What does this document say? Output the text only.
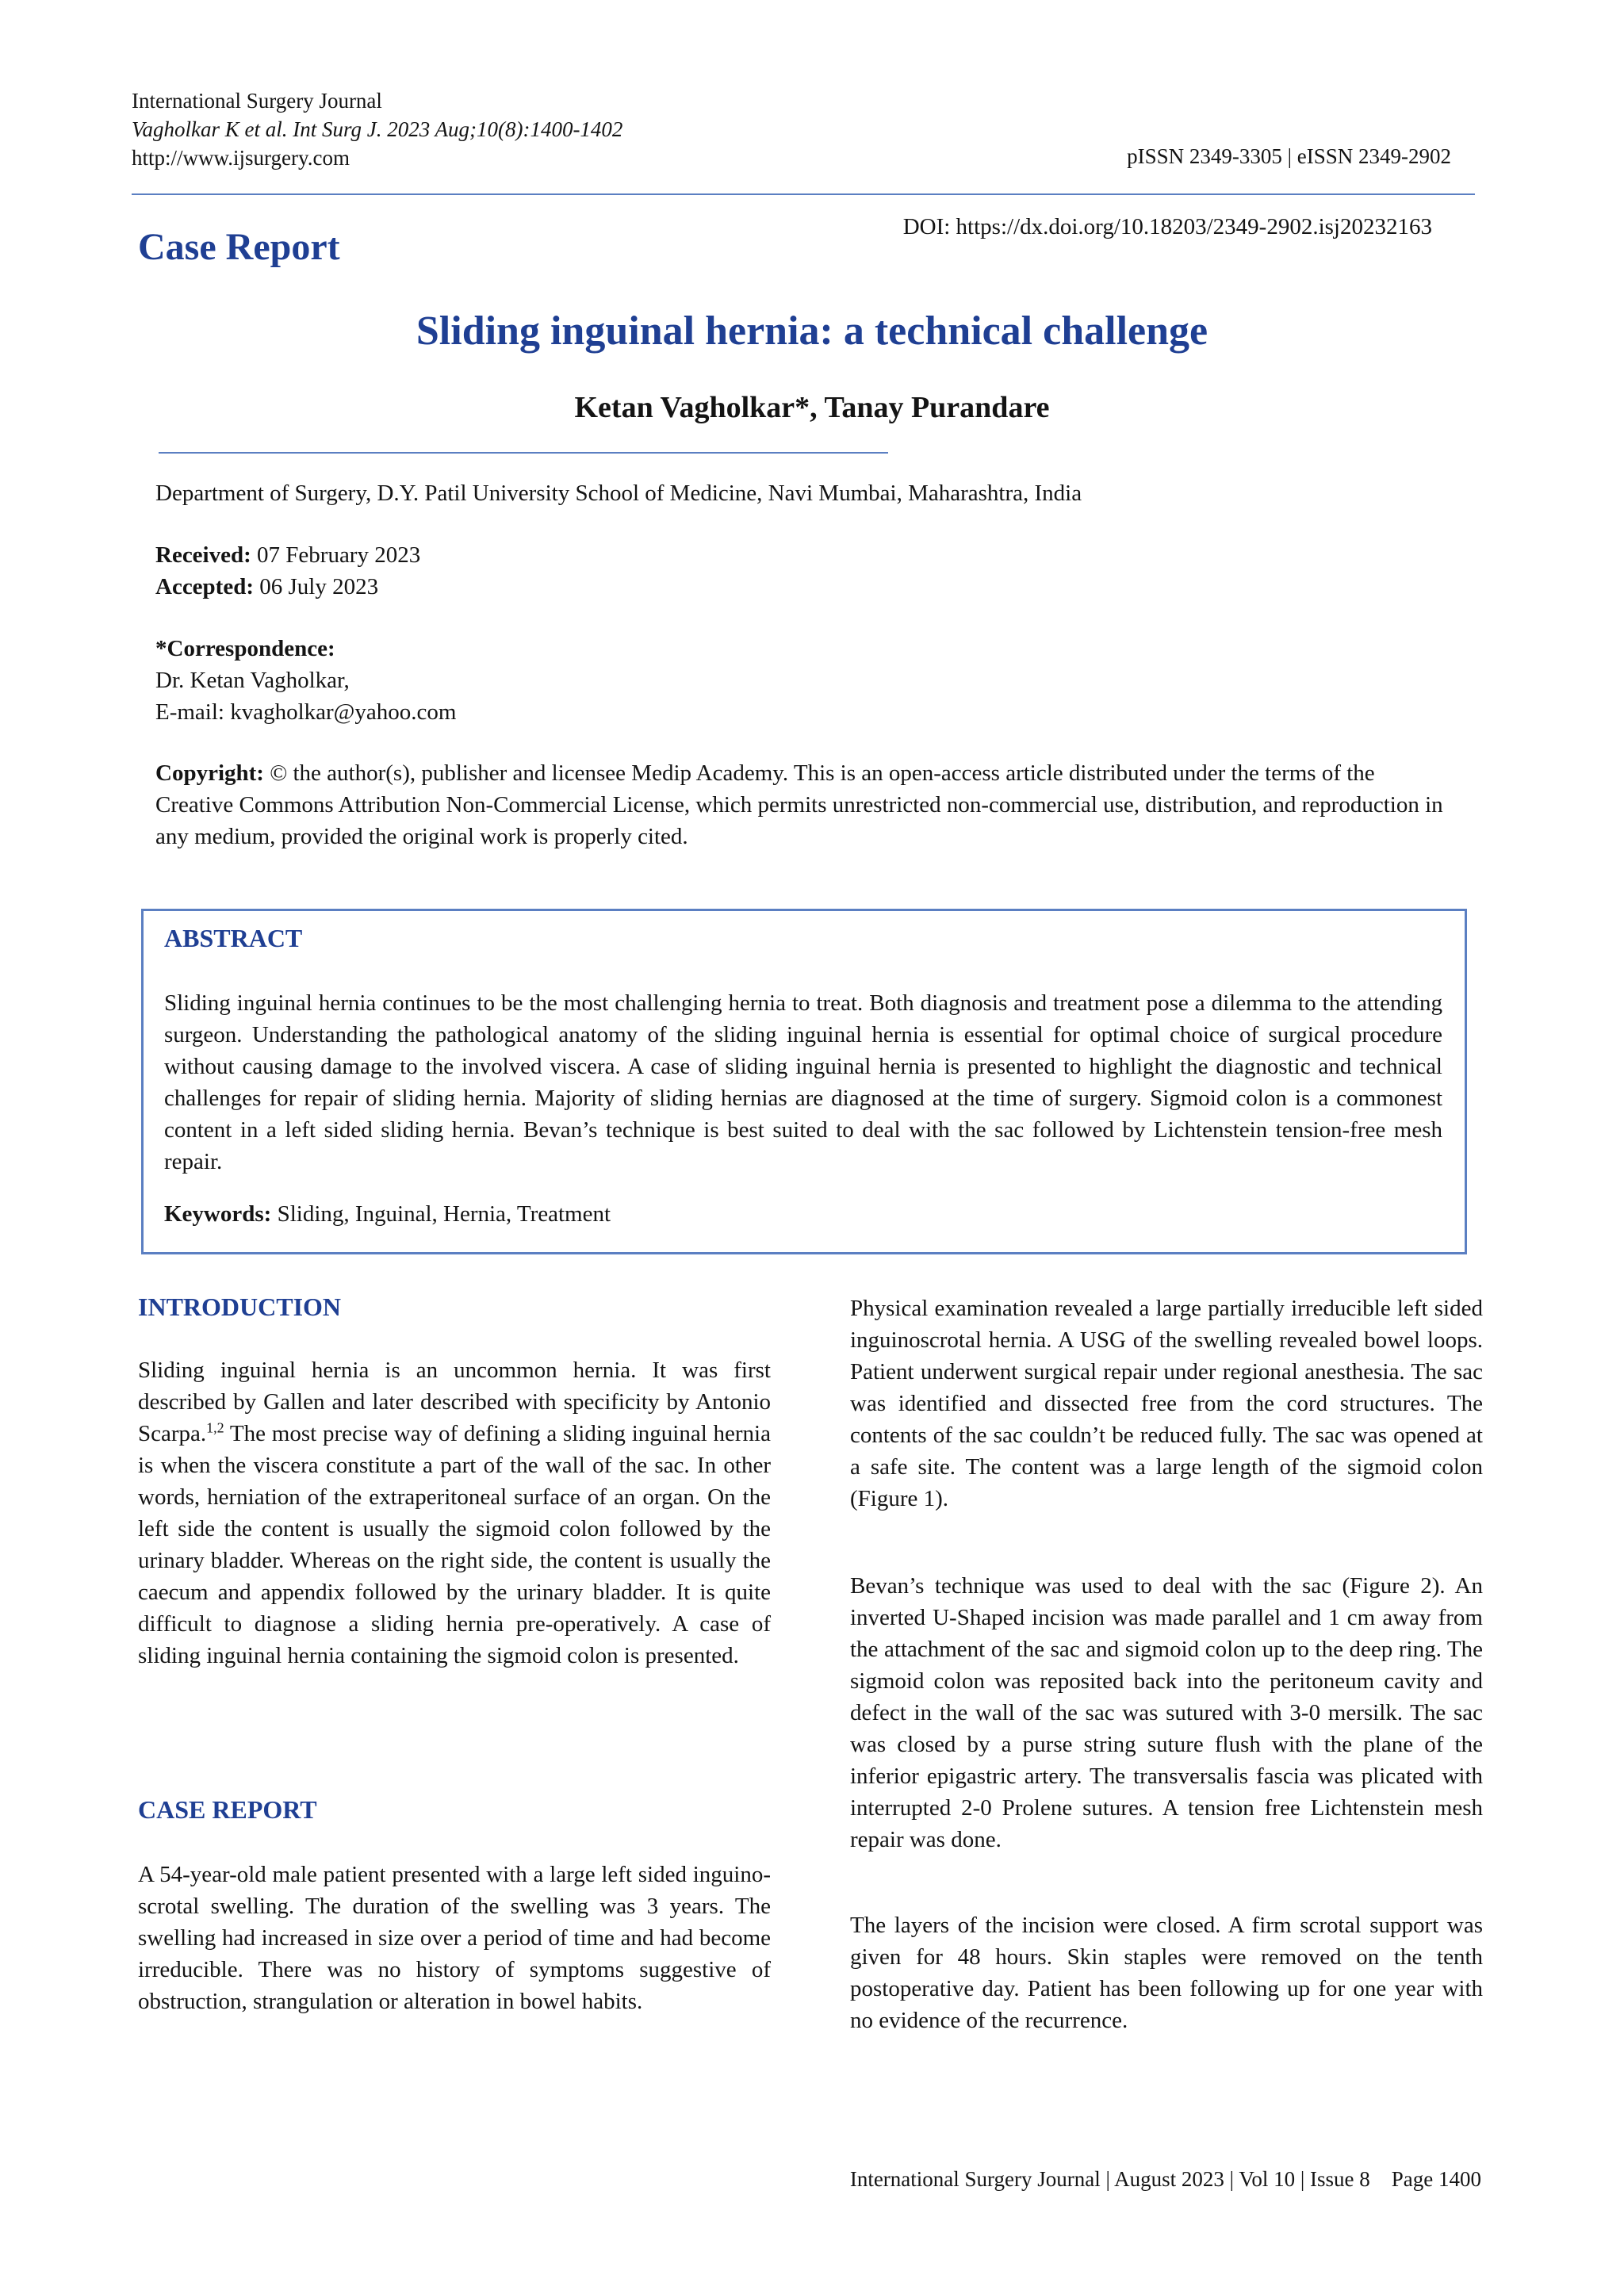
International Surgery Journal
Vagholkar K et al. Int Surg J. 2023 Aug;10(8):1400-1402
http://www.ijsurgery.com	pISSN 2349-3305 | eISSN 2349-2902
Case Report	DOI: https://dx.doi.org/10.18203/2349-2902.isj20232163
Sliding inguinal hernia: a technical challenge
Ketan Vagholkar*, Tanay Purandare
Department of Surgery, D.Y. Patil University School of Medicine, Navi Mumbai, Maharashtra, India
Received: 07 February 2023
Accepted: 06 July 2023
*Correspondence:
Dr. Ketan Vagholkar,
E-mail: kvagholkar@yahoo.com
Copyright: © the author(s), publisher and licensee Medip Academy. This is an open-access article distributed under the terms of the Creative Commons Attribution Non-Commercial License, which permits unrestricted non-commercial use, distribution, and reproduction in any medium, provided the original work is properly cited.
ABSTRACT
Sliding inguinal hernia continues to be the most challenging hernia to treat. Both diagnosis and treatment pose a dilemma to the attending surgeon. Understanding the pathological anatomy of the sliding inguinal hernia is essential for optimal choice of surgical procedure without causing damage to the involved viscera. A case of sliding inguinal hernia is presented to highlight the diagnostic and technical challenges for repair of sliding hernia. Majority of sliding hernias are diagnosed at the time of surgery. Sigmoid colon is a commonest content in a left sided sliding hernia. Bevan’s technique is best suited to deal with the sac followed by Lichtenstein tension-free mesh repair.
Keywords: Sliding, Inguinal, Hernia, Treatment
INTRODUCTION
Sliding inguinal hernia is an uncommon hernia. It was first described by Gallen and later described with specificity by Antonio Scarpa.$^{1,2}$ The most precise way of defining a sliding inguinal hernia is when the viscera constitute a part of the wall of the sac. In other words, herniation of the extraperitoneal surface of an organ. On the left side the content is usually the sigmoid colon followed by the urinary bladder. Whereas on the right side, the content is usually the caecum and appendix followed by the urinary bladder. It is quite difficult to diagnose a sliding hernia pre-operatively. A case of sliding inguinal hernia containing the sigmoid colon is presented.
CASE REPORT
A 54-year-old male patient presented with a large left sided inguino-scrotal swelling. The duration of the swelling was 3 years. The swelling had increased in size over a period of time and had become irreducible. There was no history of symptoms suggestive of obstruction, strangulation or alteration in bowel habits.
Physical examination revealed a large partially irreducible left sided inguinoscrotal hernia. A USG of the swelling revealed bowel loops. Patient underwent surgical repair under regional anesthesia. The sac was identified and dissected free from the cord structures. The contents of the sac couldn’t be reduced fully. The sac was opened at a safe site. The content was a large length of the sigmoid colon (Figure 1).
Bevan’s technique was used to deal with the sac (Figure 2). An inverted U-Shaped incision was made parallel and 1 cm away from the attachment of the sac and sigmoid colon up to the deep ring. The sigmoid colon was reposited back into the peritoneum cavity and defect in the wall of the sac was sutured with 3-0 mersilk. The sac was closed by a purse string suture flush with the plane of the inferior epigastric artery. The transversalis fascia was plicated with interrupted 2-0 Prolene sutures. A tension free Lichtenstein mesh repair was done.
The layers of the incision were closed. A firm scrotal support was given for 48 hours. Skin staples were removed on the tenth postoperative day. Patient has been following up for one year with no evidence of the recurrence.
International Surgery Journal | August 2023 | Vol 10 | Issue 8    Page 1400
